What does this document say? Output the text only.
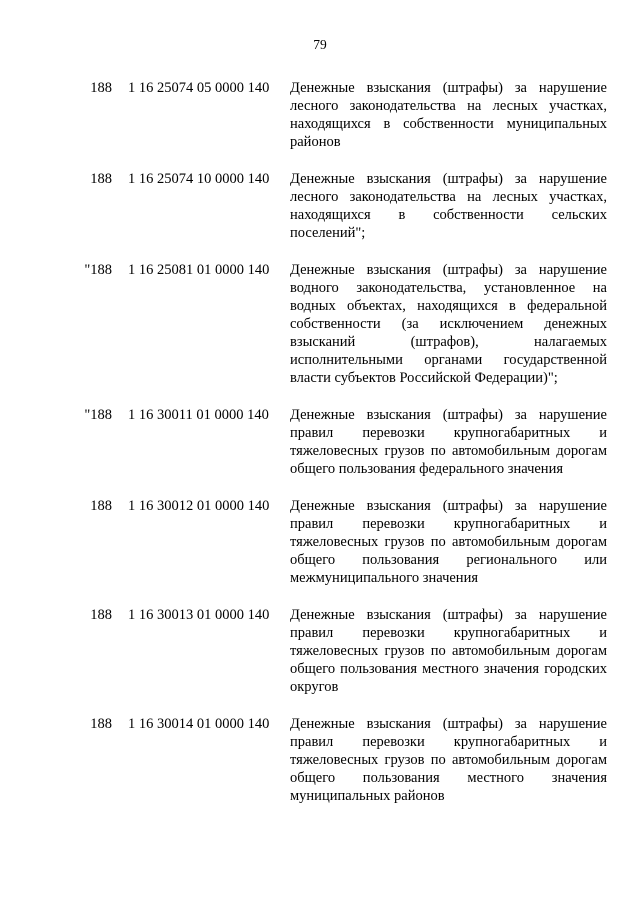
79
188 1 16 25074 05 0000 140	Денежные взыскания (штрафы) за нарушение лесного законодательства на лесных участках, находящихся в собственности муниципальных районов
188 1 16 25074 10 0000 140	Денежные взыскания (штрафы) за нарушение лесного законодательства на лесных участках, находящихся в собственности сельских поселений";
"188 1 16 25081 01 0000 140	Денежные взыскания (штрафы) за нарушение водного законодательства, установленное на водных объектах, находящихся в федеральной собственности (за исключением денежных взысканий (штрафов), налагаемых исполнительными органами государственной власти субъектов Российской Федерации)";
"188 1 16 30011 01 0000 140	Денежные взыскания (штрафы) за нарушение правил перевозки крупногабаритных и тяжеловесных грузов по автомобильным дорогам общего пользования федерального значения
188 1 16 30012 01 0000 140	Денежные взыскания (штрафы) за нарушение правил перевозки крупногабаритных и тяжеловесных грузов по автомобильным дорогам общего пользования регионального или межмуниципального значения
188 1 16 30013 01 0000 140	Денежные взыскания (штрафы) за нарушение правил перевозки крупногабаритных и тяжеловесных грузов по автомобильным дорогам общего пользования местного значения городских округов
188 1 16 30014 01 0000 140	Денежные взыскания (штрафы) за нарушение правил перевозки крупногабаритных и тяжеловесных грузов по автомобильным дорогам общего пользования местного значения муниципальных районов
